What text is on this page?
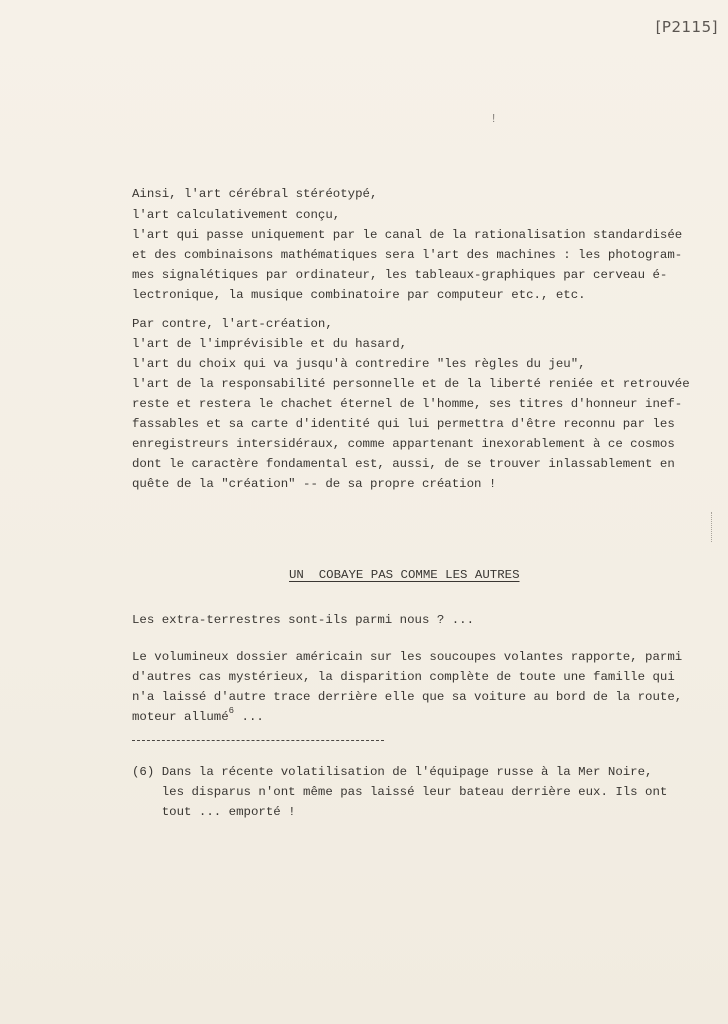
[P2115]
!
Ainsi, l'art cérébral stéréotypé,
l'art calculativement conçu,
l'art qui passe uniquement par le canal de la rationalisation standardisée
et des combinaisons mathématiques sera l'art des machines : les photogram-
mes signalétiques par ordinateur, les tableaux-graphiques par cerveau é-
lectronique, la musique combinatoire par computeur etc., etc.
Par contre, l'art-création,
l'art de l'imprévisible et du hasard,
l'art du choix qui va jusqu'à contredire "les règles du jeu",
l'art de la responsabilité personnelle et de la liberté reniée et retrouvée
reste et restera le chachet éternel de l'homme, ses titres d'honneur inef-
fassables et sa carte d'identité qui lui permettra d'être reconnu par les
enregistreurs intersidéraux, comme appartenant inexorablement à ce cosmos
dont le caractère fondamental est, aussi, de se trouver inlassablement en
quête de la "création" -- de sa propre création !
UN  COBAYE PAS COMME LES AUTRES
Les extra-terrestres sont-ils parmi nous ? ...
Le volumineux dossier américain sur les soucoupes volantes rapporte, parmi
d'autres cas mystérieux, la disparition complète de toute une famille qui
n'a laissé d'autre trace derrière elle que sa voiture au bord de la route,
moteur allumé$^6$ ...
(6) Dans la récente volatilisation de l'équipage russe à la Mer Noire,
les disparus n'ont même pas laissé leur bateau derrière eux. Ils ont
tout ... emporté !
